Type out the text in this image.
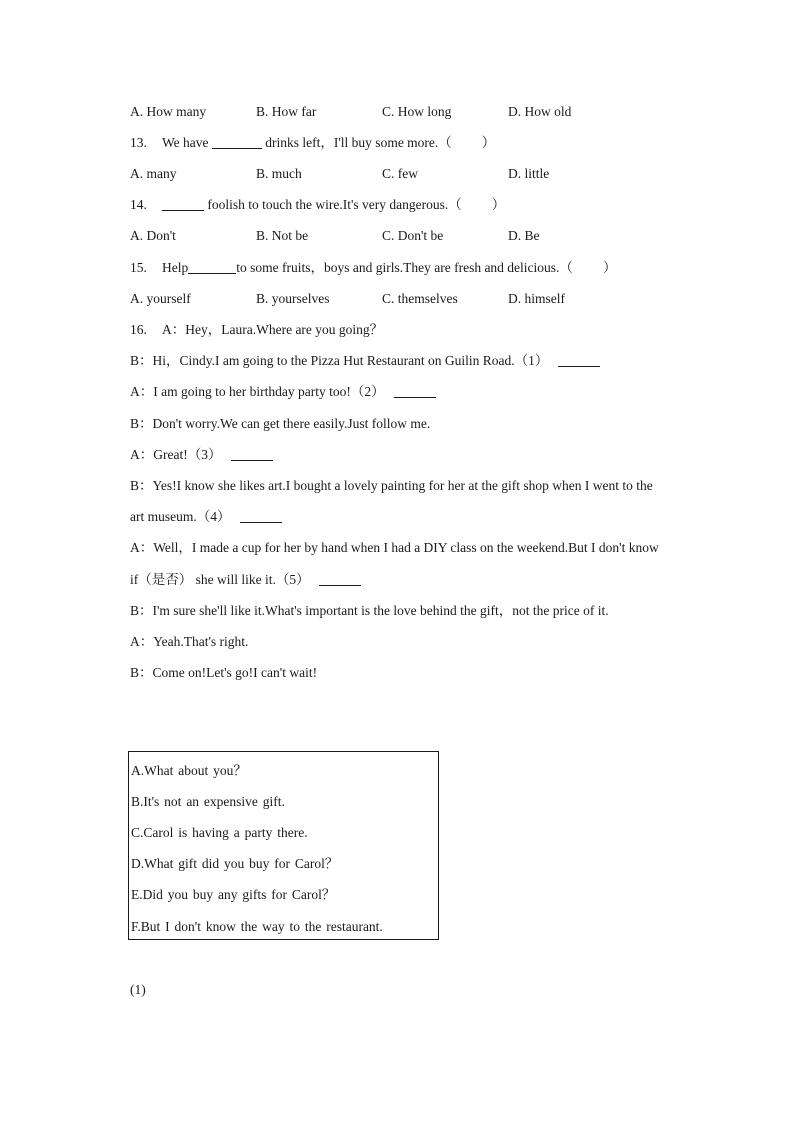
A. How many	B. How far	C. How long	D. How old
13. We have	drinks left，I'll buy some more.（ ）
A. many	B. much	C. few	D. little
14.	foolish to touch the wire.It's very dangerous.（ ）
A. Don't	B. Not be	C. Don't be	D. Be
15. Help	to some fruits，boys and girls.They are fresh and delicious.（ ）
A. yourself	B. yourselves	C. themselves	D. himself
16. A：Hey，Laura.Where are you going？
B：Hi，Cindy.I am going to the Pizza Hut Restaurant on Guilin Road.（1）
A：I am going to her birthday party too!（2）
B：Don't worry.We can get there easily.Just follow me.
A：Great!（3）
B：Yes!I know she likes art.I bought a lovely painting for her at the gift shop when I went to the
art museum.（4）
A：Well，I made a cup for her by hand when I had a DIY class on the weekend.But I don't know
if（是否） she will like it.（5）
B：I'm sure she'll like it.What's important is the love behind the gift，not the price of it.
A：Yeah.That's right.
B：Come on!Let's go!I can't wait!
A.What about you？
B.It's not an expensive gift.
C.Carol is having a party there.
D.What gift did you buy for Carol？
E.Did you buy any gifts for Carol？
F.But I don't know the way to the restaurant.
(1)
